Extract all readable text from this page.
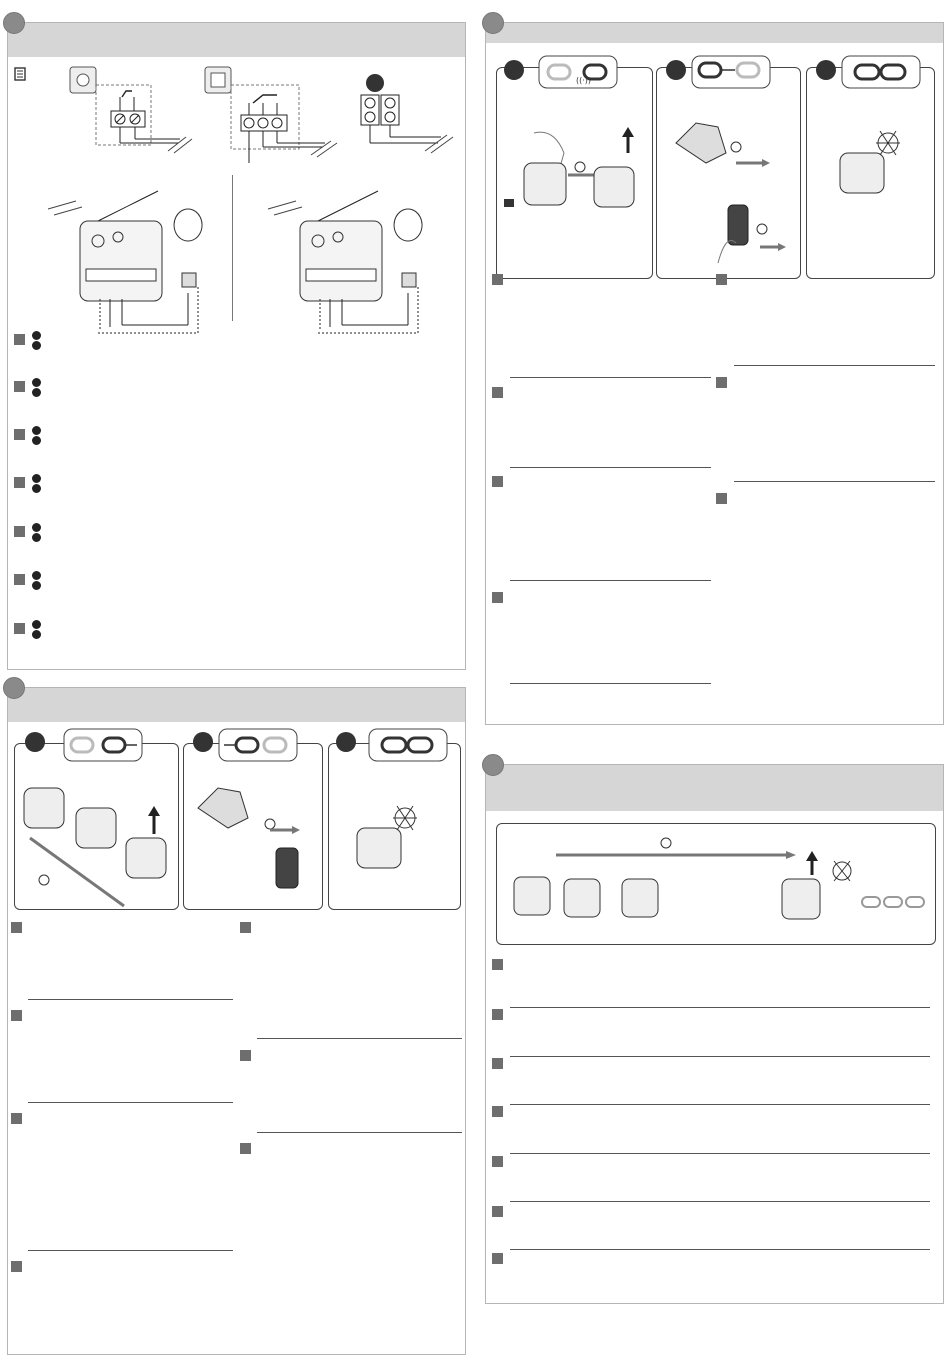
((·))
